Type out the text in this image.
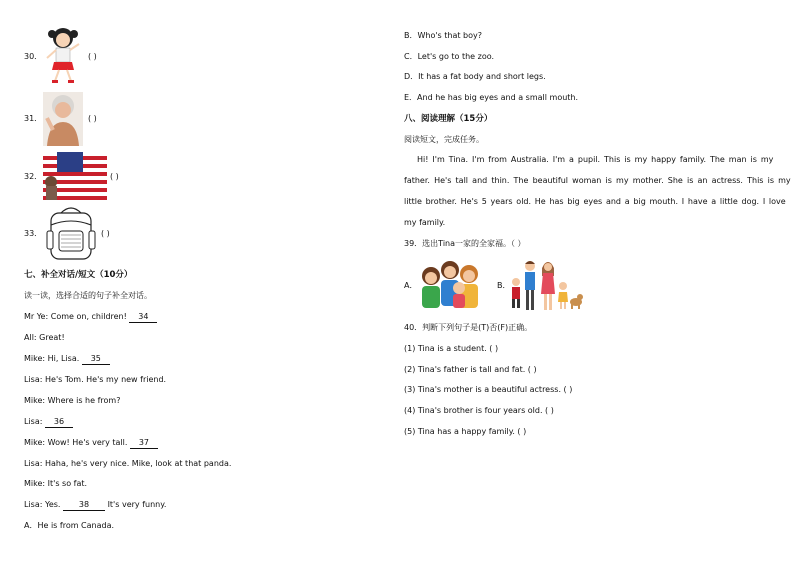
30．	( )
31．	( )
32．	( )
33．	( )
七、补全对话/短文（10分）
读一读，选择合适的句子补全对话。
Mr Ye: Come on, children! 34
All: Great!
Mike: Hi, Lisa. 35
Lisa: He's Tom. He's my new friend.
Mike: Where is he from?
Lisa: 36
Mike: Wow! He's very tall. 37
Lisa: Haha, he's very nice. Mike, look at that panda.
Mike: It's so fat.
Lisa: Yes. 38 It's very funny.
A．He is from Canada.
B．Who's that boy?
C．Let's go to the zoo.
D．It has a fat body and short legs.
E．And he has big eyes and a small mouth.
八、阅读理解（15分）
阅读短文，完成任务。
Hi! I'm Tina. I'm from Australia. I'm a pupil. This is my happy family. The man is my
father. He's tall and thin. The beautiful woman is my mother. She is an actress. This is my
little brother. He's 5 years old. He has big eyes and a big mouth. I have a little dog. I love
my family.
39．选出Tina一家的全家福。（ ）
A．	B．
40．判断下列句子是(T)否(F)正确。
(1) Tina is a student. ( )
(2) Tina's father is tall and fat. ( )
(3) Tina's mother is a beautiful actress. ( )
(4) Tina's brother is four years old. ( )
(5) Tina has a happy family. ( )
